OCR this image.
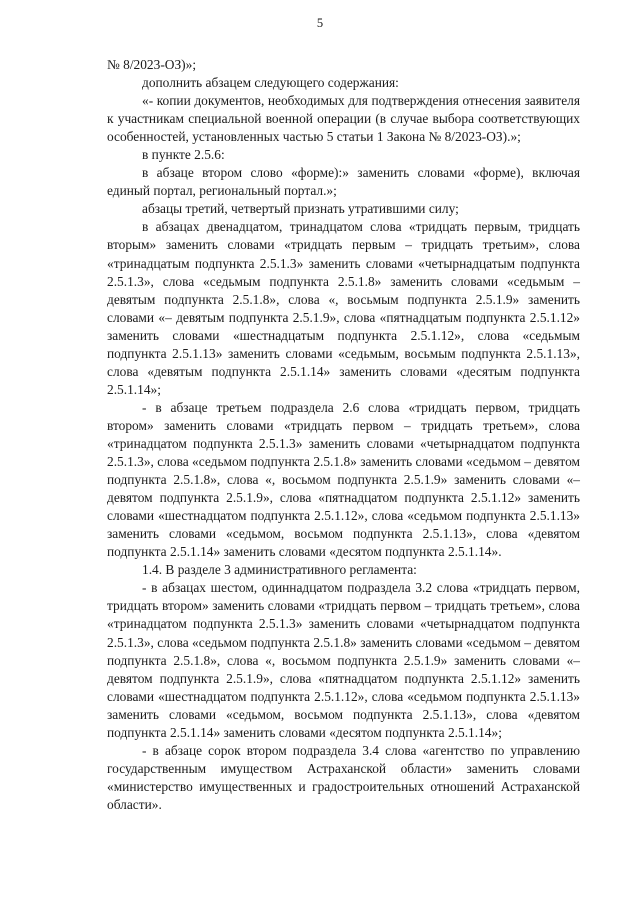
5

№ 8/2023-ОЗ)»;

дополнить абзацем следующего содержания:

«- копии документов, необходимых для подтверждения отнесения заявителя к участникам специальной военной операции (в случае выбора соответствующих особенностей, установленных частью 5 статьи 1 Закона № 8/2023-ОЗ).»;

в пункте 2.5.6:

в абзаце втором слово «форме):» заменить словами «форме), включая единый портал, региональный портал.»;

абзацы третий, четвертый признать утратившими силу;

в абзацах двенадцатом, тринадцатом слова «тридцать первым, тридцать вторым» заменить словами «тридцать первым – тридцать третьим», слова «тринадцатым подпункта 2.5.1.3» заменить словами «четырнадцатым подпункта 2.5.1.3», слова «седьмым подпункта 2.5.1.8» заменить словами «седьмым – девятым подпункта 2.5.1.8», слова «, восьмым подпункта 2.5.1.9» заменить словами «– девятым подпункта 2.5.1.9», слова «пятнадцатым подпункта 2.5.1.12» заменить словами «шестнадцатым подпункта 2.5.1.12», слова «седьмым подпункта 2.5.1.13» заменить словами «седьмым, восьмым подпункта 2.5.1.13», слова «девятым подпункта 2.5.1.14» заменить словами «десятым подпункта 2.5.1.14»;

- в абзаце третьем подраздела 2.6 слова «тридцать первом, тридцать втором» заменить словами «тридцать первом – тридцать третьем», слова «тринадцатом подпункта 2.5.1.3» заменить словами «четырнадцатом подпункта 2.5.1.3», слова «седьмом подпункта 2.5.1.8» заменить словами «седьмом – девятом подпункта 2.5.1.8», слова «, восьмом подпункта 2.5.1.9» заменить словами «– девятом подпункта 2.5.1.9», слова «пятнадцатом подпункта 2.5.1.12» заменить словами «шестнадцатом подпункта 2.5.1.12», слова «седьмом подпункта 2.5.1.13» заменить словами «седьмом, восьмом подпункта 2.5.1.13», слова «девятом подпункта 2.5.1.14» заменить словами «десятом подпункта 2.5.1.14».

1.4. В разделе 3 административного регламента:

- в абзацах шестом, одиннадцатом подраздела 3.2 слова «тридцать первом, тридцать втором» заменить словами «тридцать первом – тридцать третьем», слова «тринадцатом подпункта 2.5.1.3» заменить словами «четырнадцатом подпункта 2.5.1.3», слова «седьмом подпункта 2.5.1.8» заменить словами «седьмом – девятом подпункта 2.5.1.8», слова «, восьмом подпункта 2.5.1.9» заменить словами «– девятом подпункта 2.5.1.9», слова «пятнадцатом подпункта 2.5.1.12» заменить словами «шестнадцатом подпункта 2.5.1.12», слова «седьмом подпункта 2.5.1.13» заменить словами «седьмом, восьмом подпункта 2.5.1.13», слова «девятом подпункта 2.5.1.14» заменить словами «десятом подпункта 2.5.1.14»;

- в абзаце сорок втором подраздела 3.4 слова «агентство по управлению государственным имуществом Астраханской области» заменить словами «министерство имущественных и градостроительных отношений Астраханской области».
